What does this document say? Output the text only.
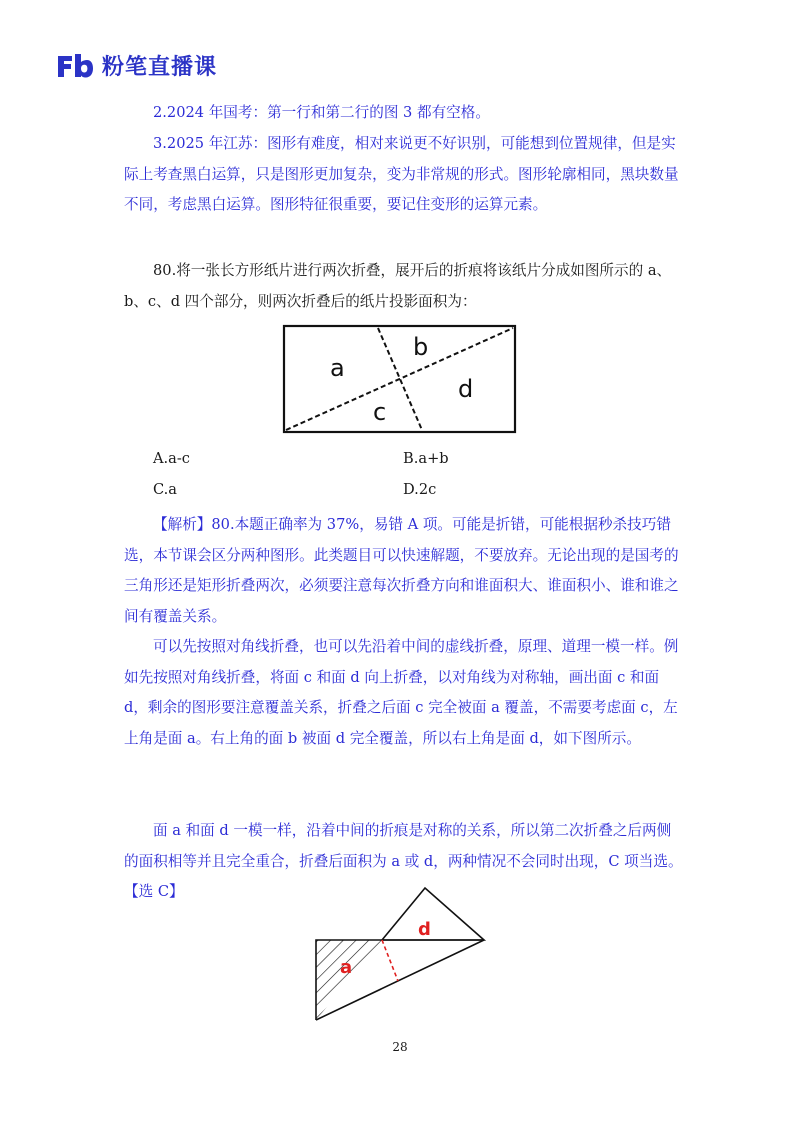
粉笔直播课

2.2024 年国考：第一行和第二行的图 3 都有空格。

3.2025 年江苏：图形有难度，相对来说更不好识别，可能想到位置规律，但是实际上考查黑白运算，只是图形更加复杂，变为非常规的形式。图形轮廓相同，黑块数量不同，考虑黑白运算。图形特征很重要，要记住变形的运算元素。

80.将一张长方形纸片进行两次折叠，展开后的折痕将该纸片分成如图所示的 a、b、c、d 四个部分，则两次折叠后的纸片投影面积为：

a
b
c
d
A.a-c	B.a+b
C.a	D.2c

【解析】80.本题正确率为 37%，易错 A 项。可能是折错，可能根据秒杀技巧错选，本节课会区分两种图形。此类题目可以快速解题，不要放弃。无论出现的是国考的三角形还是矩形折叠两次，必须要注意每次折叠方向和谁面积大、谁面积小、谁和谁之间有覆盖关系。

可以先按照对角线折叠，也可以先沿着中间的虚线折叠，原理、道理一模一样。例如先按照对角线折叠，将面 c 和面 d 向上折叠，以对角线为对称轴，画出面 c 和面 d，剩余的图形要注意覆盖关系，折叠之后面 c 完全被面 a 覆盖，不需要考虑面 c，左上角是面 a。右上角的面 b 被面 d 完全覆盖，所以右上角是面 d，如下图所示。

面 a 和面 d 一模一样，沿着中间的折痕是对称的关系，所以第二次折叠之后两侧的面积相等并且完全重合，折叠后面积为 a 或 d，两种情况不会同时出现，C 项当选。【选 C】

d
a
28
